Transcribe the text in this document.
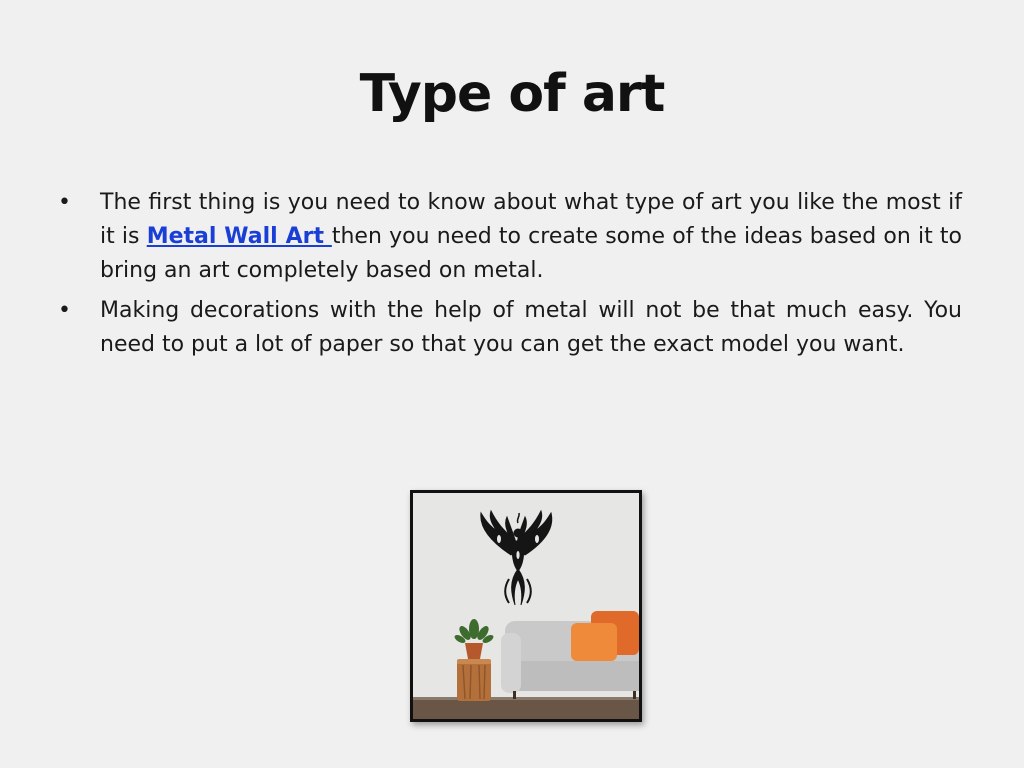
Type of art
• The first thing is you need to know about what type of art you like the most if it is Metal Wall Art then you need to create some of the ideas based on it to bring an art completely based on metal.
• Making decorations with the help of metal will not be that much easy. You need to put a lot of paper so that you can get the exact model you want.
